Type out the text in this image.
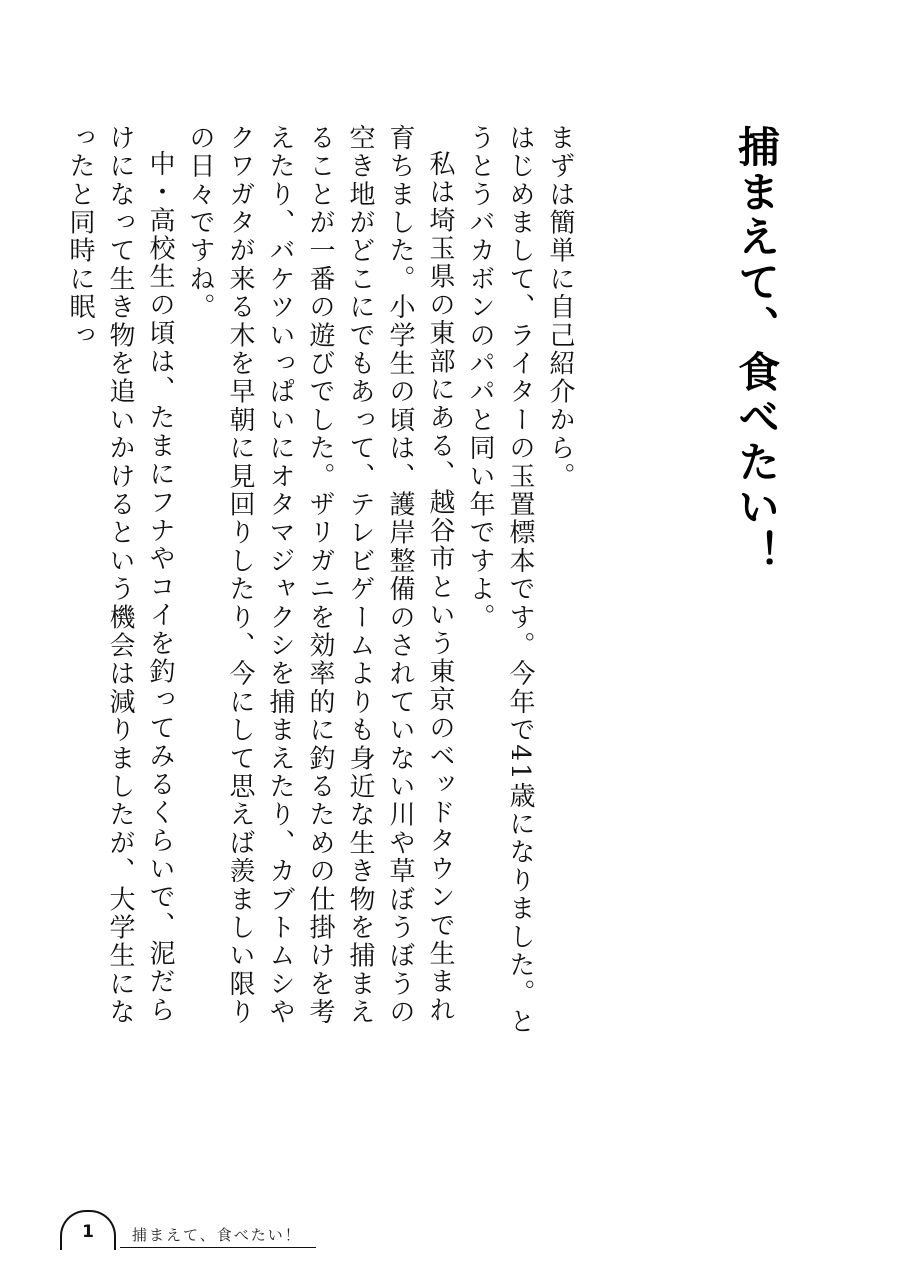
捕まえて、食べたい！

まずは簡単に自己紹介から。

はじめまして、ライターの玉置標本です。今年で41歳になりました。とうとうバカボンのパパと同い年ですよ。

私は埼玉県の東部にある、越谷市という東京のベッドタウンで生まれ育ちました。小学生の頃は、護岸整備のされていない川や草ぼうぼうの空き地がどこにでもあって、テレビゲームよりも身近な生き物を捕まえることが一番の遊びでした。ザリガニを効率的に釣るための仕掛けを考えたり、バケツいっぱいにオタマジャクシを捕まえたり、カブトムシやクワガタが来る木を早朝に見回りしたり、今にして思えば羨ましい限りの日々ですね。

中・高校生の頃は、たまにフナやコイを釣ってみるくらいで、泥だらけになって生き物を追いかけるという機会は減りましたが、大学生になったと同時に眠っ

1	捕まえて、食べたい！
